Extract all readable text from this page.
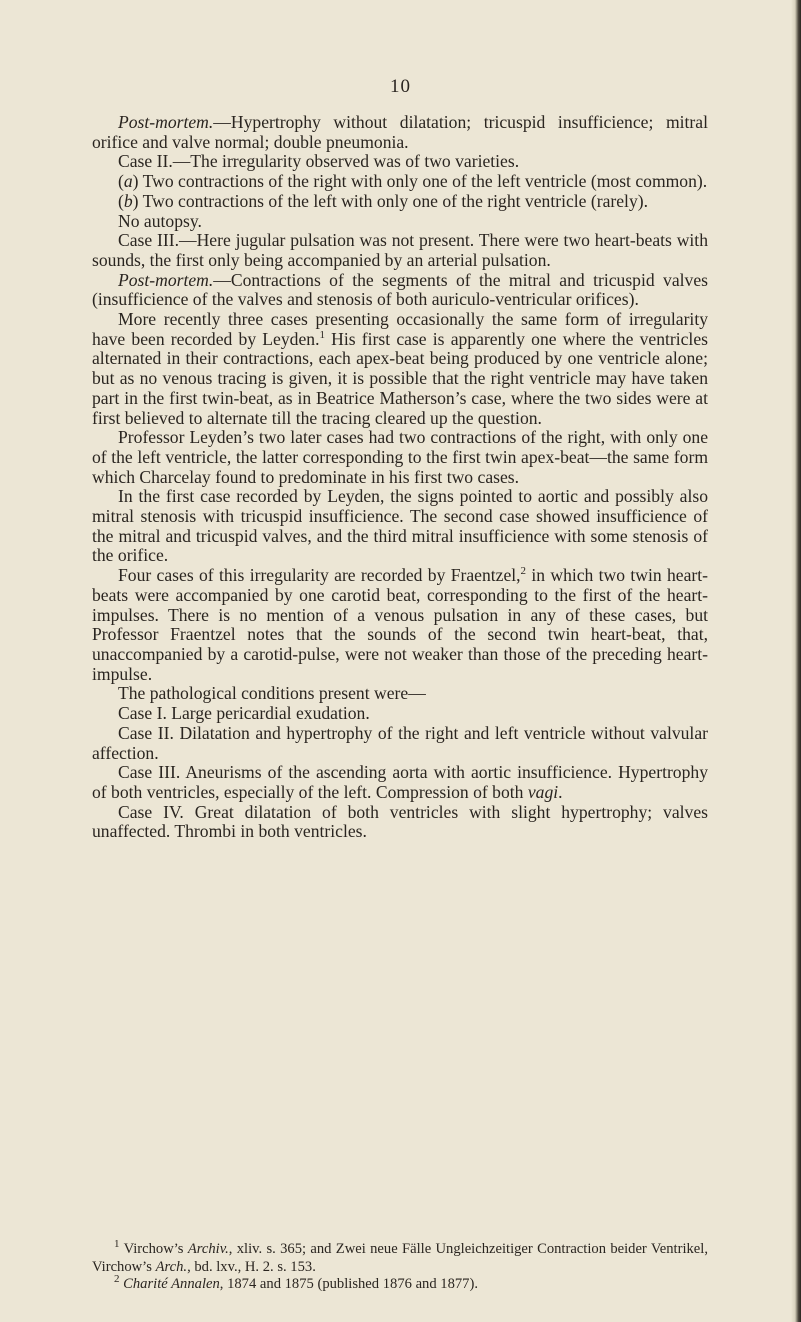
10

Post-mortem.—Hypertrophy without dilatation; tricuspid insufficience; mitral orifice and valve normal; double pneumonia.

Case II.—The irregularity observed was of two varieties.

(a) Two contractions of the right with only one of the left ventricle (most common).

(b) Two contractions of the left with only one of the right ventricle (rarely).

No autopsy.

Case III.—Here jugular pulsation was not present. There were two heart-beats with sounds, the first only being accompanied by an arterial pulsation.

Post-mortem.—Contractions of the segments of the mitral and tricuspid valves (insufficience of the valves and stenosis of both auriculo-ventricular orifices).

More recently three cases presenting occasionally the same form of irregularity have been recorded by Leyden.$^1$ His first case is apparently one where the ventricles alternated in their contractions, each apex-beat being produced by one ventricle alone; but as no venous tracing is given, it is possible that the right ventricle may have taken part in the first twin-beat, as in Beatrice Matherson’s case, where the two sides were at first believed to alternate till the tracing cleared up the question.

Professor Leyden’s two later cases had two contractions of the right, with only one of the left ventricle, the latter corresponding to the first twin apex-beat—the same form which Charcelay found to predominate in his first two cases.

In the first case recorded by Leyden, the signs pointed to aortic and possibly also mitral stenosis with tricuspid insufficience. The second case showed insufficience of the mitral and tricuspid valves, and the third mitral insufficience with some stenosis of the orifice.

Four cases of this irregularity are recorded by Fraentzel,$^2$ in which two twin heart-beats were accompanied by one carotid beat, corresponding to the first of the heart-impulses. There is no mention of a venous pulsation in any of these cases, but Professor Fraentzel notes that the sounds of the second twin heart-beat, that, unaccompanied by a carotid-pulse, were not weaker than those of the preceding heart-impulse.

The pathological conditions present were—

Case I. Large pericardial exudation.

Case II. Dilatation and hypertrophy of the right and left ventricle without valvular affection.

Case III. Aneurisms of the ascending aorta with aortic insufficience. Hypertrophy of both ventricles, especially of the left. Compression of both vagi.

Case IV. Great dilatation of both ventricles with slight hypertrophy; valves unaffected. Thrombi in both ventricles.

$^1$ Virchow’s Archiv., xliv. s. 365; and Zwei neue Fälle Ungleichzeitiger Contraction beider Ventrikel, Virchow’s Arch., bd. lxv., H. 2. s. 153.

$^2$ Charité Annalen, 1874 and 1875 (published 1876 and 1877).
